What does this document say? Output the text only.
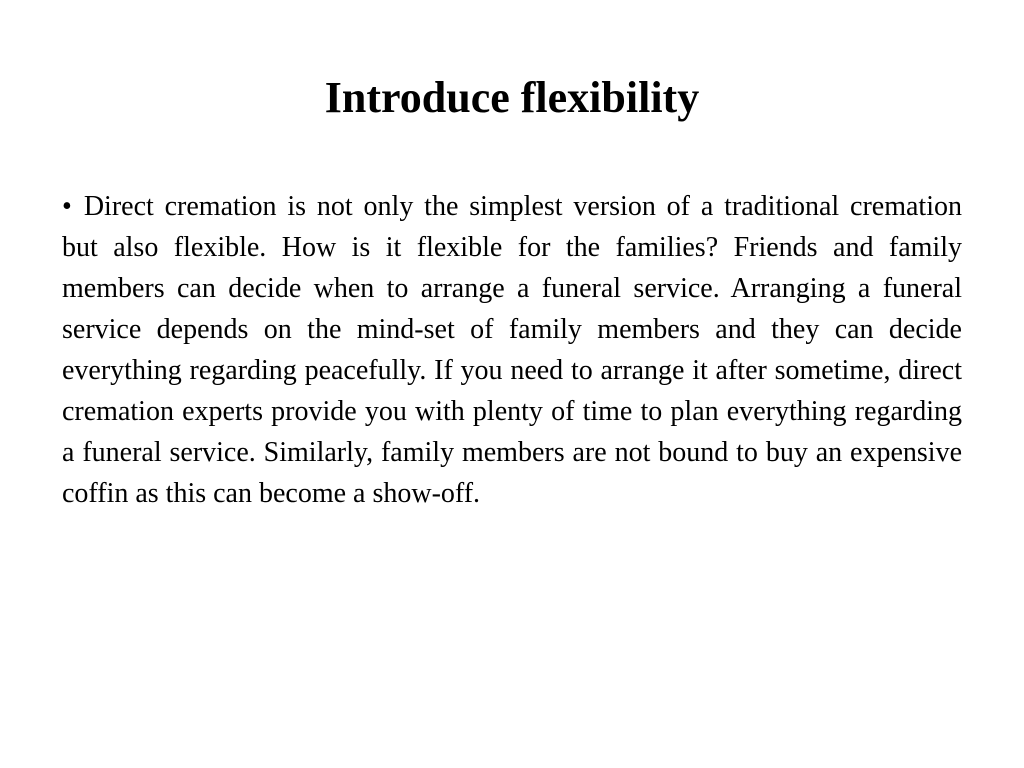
Introduce flexibility

• Direct cremation is not only the simplest version of a traditional cremation but also flexible. How is it flexible for the families? Friends and family members can decide when to arrange a funeral service. Arranging a funeral service depends on the mind-set of family members and they can decide everything regarding peacefully. If you need to arrange it after sometime, direct cremation experts provide you with plenty of time to plan everything regarding a funeral service. Similarly, family members are not bound to buy an expensive coffin as this can become a show-off.
